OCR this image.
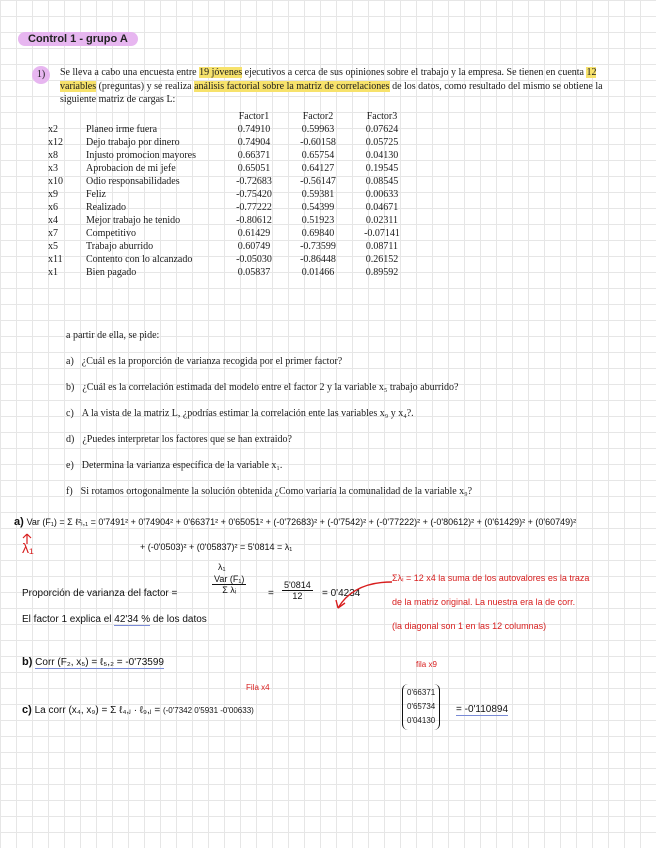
Control 1 - grupo A
1)	Se lleva a cabo una encuesta entre 19 jóvenes ejecutivos a cerca de sus opiniones sobre el trabajo y la empresa. Se tienen en cuenta 12 variables (preguntas) y se realiza análisis factorial sobre la matriz de correlaciones de los datos, como resultado del mismo se obtiene la siguiente matriz de cargas L:
		Factor1	Factor2	Factor3
x2	Planeo irme fuera	0.74910	0.59963	0.07624
x12	Dejo trabajo por dinero	0.74904	-0.60158	0.05725
x8	Injusto promocion mayores	0.66371	0.65754	0.04130
x3	Aprobacion de mi jefe	0.65051	0.64127	0.19545
x10	Odio responsabilidades	-0.72683	-0.56147	0.08545
x9	Feliz	-0.75420	0.59381	0.00633
x6	Realizado	-0.77222	0.54399	0.04671
x4	Mejor trabajo he tenido	-0.80612	0.51923	0.02311
x7	Competitivo	0.61429	0.69840	-0.07141
x5	Trabajo aburrido	0.60749	-0.73599	0.08711
x11	Contento con lo alcanzado	-0.05030	-0.86448	0.26152
x1	Bien pagado	0.05837	0.01466	0.89592
a partir de ella, se pide:
a) ¿Cuál es la proporción de varianza recogida por el primer factor?
b) ¿Cuál es la correlación estimada del modelo entre el factor 2 y la variable x₅ trabajo aburrido?
c) A la vista de la matriz L, ¿podrías estimar la correlación ente las variables x₉ y x₄?.
d) ¿Puedes interpretar los factores que se han extraido?
e) Determina la varianza específica de la variable x₁.
f) Si rotamos ortogonalmente la solución obtenida ¿Como variaría la comunalidad de la variable x₉?
a) Var (F₁) = Σ ℓ²ᵢ,₁ = 0'7491² + 0'74904² + 0'66371² + 0'65051² + (-0'72683)² + (-0'7542)² + (-0'77222)² + (-0'80612)² + (0'61429)² + (0'60749)²
λ₁	+ (-0'0503)² + (0'05837)² = 5'0814 = λ₁
Proporción de varianza del factor =
Var (F₁)
Σ λᵢ
λ₁
= $\frac{5'0814}{12} = 0'4234$
El factor 1 explica el 42'34 % de los datos
Σλᵢ = 12 x4 la suma de los autovalores es la traza
de la matriz original. La nuestra era la de corr.
(la diagonal son 1 en las 12 columnas)
b) Corr (F₂, x₅) = ℓ₅,₂ = -0'73599
Fila x4
fila x9
c) La corr (x₄, x₉) = Σ ℓ₄,ⱼ · ℓ₉,ⱼ = (-0'7342 0'5931 -0'00633)
0'66371
0'65734
0'04130
= -0'110894
